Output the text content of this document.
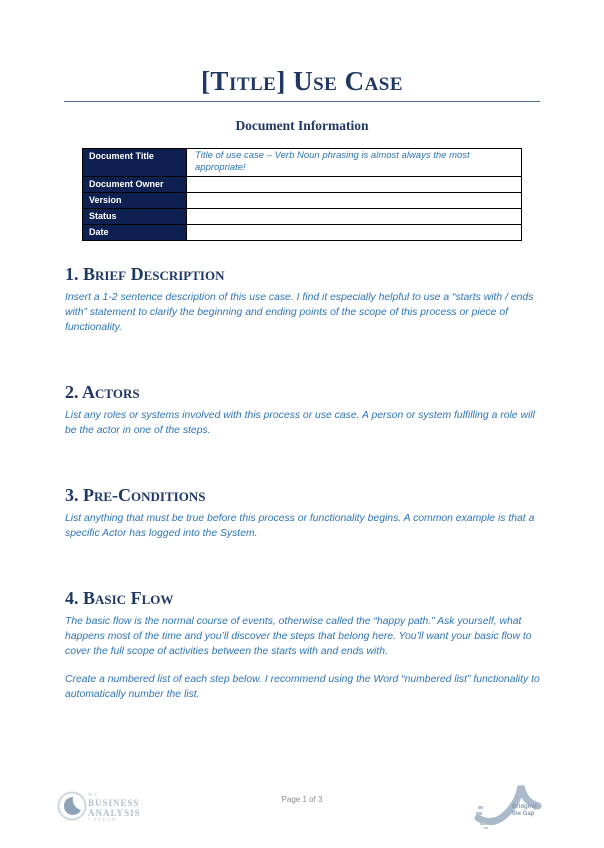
[Title] Use Case
Document Information
Document Title	Title of use case – Verb Noun phrasing is almost always the most appropriate!
Document Owner	
Version	
Status	
Date	
1. Brief Description

Insert a 1-2 sentence description of this use case. I find it especially helpful to use a “starts with / ends with” statement to clarify the beginning and ending points of the scope of this process or piece of functionality.

2. Actors

List any roles or systems involved with this process or use case. A person or system fulfilling a role will be the actor in one of the steps.

3. Pre-Conditions

List anything that must be true before this process or functionality begins. A common example is that a specific Actor has logged into the System.

4. Basic Flow

The basic flow is the normal course of events, otherwise called the “happy path.” Ask yourself, what happens most of the time and you’ll discover the steps that belong here. You’ll want your basic flow to cover the full scope of activities between the starts with and ends with.

Create a numbered list of each step below. I recommend using the Word “numbered list” functionality to automatically number the list.

MY
BUSINESS
ANALYSIS
CAREER
Page 1 of 3
Bridging
the Gap
